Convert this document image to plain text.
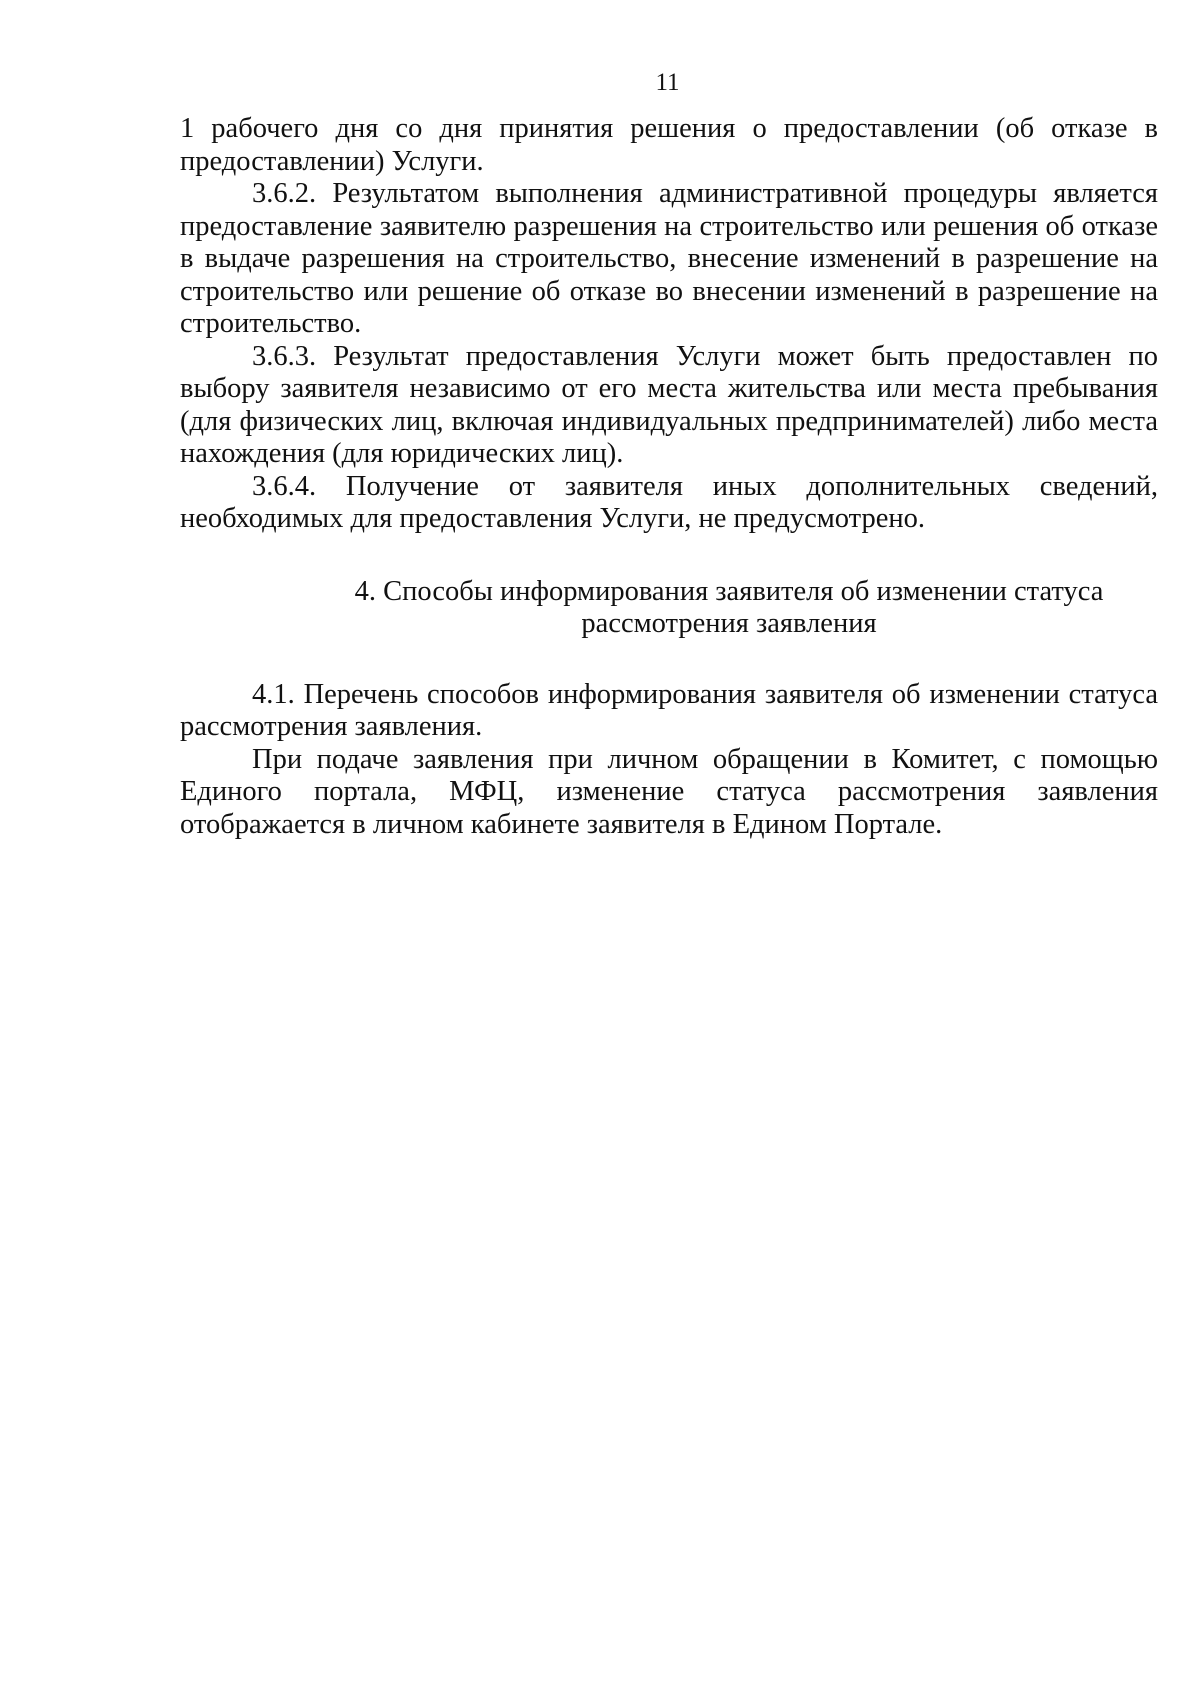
11

1 рабочего дня со дня принятия решения о предоставлении (об отказе в предоставлении) Услуги.

3.6.2. Результатом выполнения административной процедуры является предоставление заявителю разрешения на строительство или решения об отказе в выдаче разрешения на строительство, внесение изменений в разрешение на строительство или решение об отказе во внесении изменений в разрешение на строительство.

3.6.3. Результат предоставления Услуги может быть предоставлен по выбору заявителя независимо от его места жительства или места пребывания (для физических лиц, включая индивидуальных предпринимателей) либо места нахождения (для юридических лиц).

3.6.4. Получение от заявителя иных дополнительных сведений, необходимых для предоставления Услуги, не предусмотрено.

4. Способы информирования заявителя об изменении статуса
рассмотрения заявления

4.1. Перечень способов информирования заявителя об изменении статуса рассмотрения заявления.

При подаче заявления при личном обращении в Комитет, с помощью Единого портала, МФЦ, изменение статуса рассмотрения заявления отображается в личном кабинете заявителя в Едином Портале.
